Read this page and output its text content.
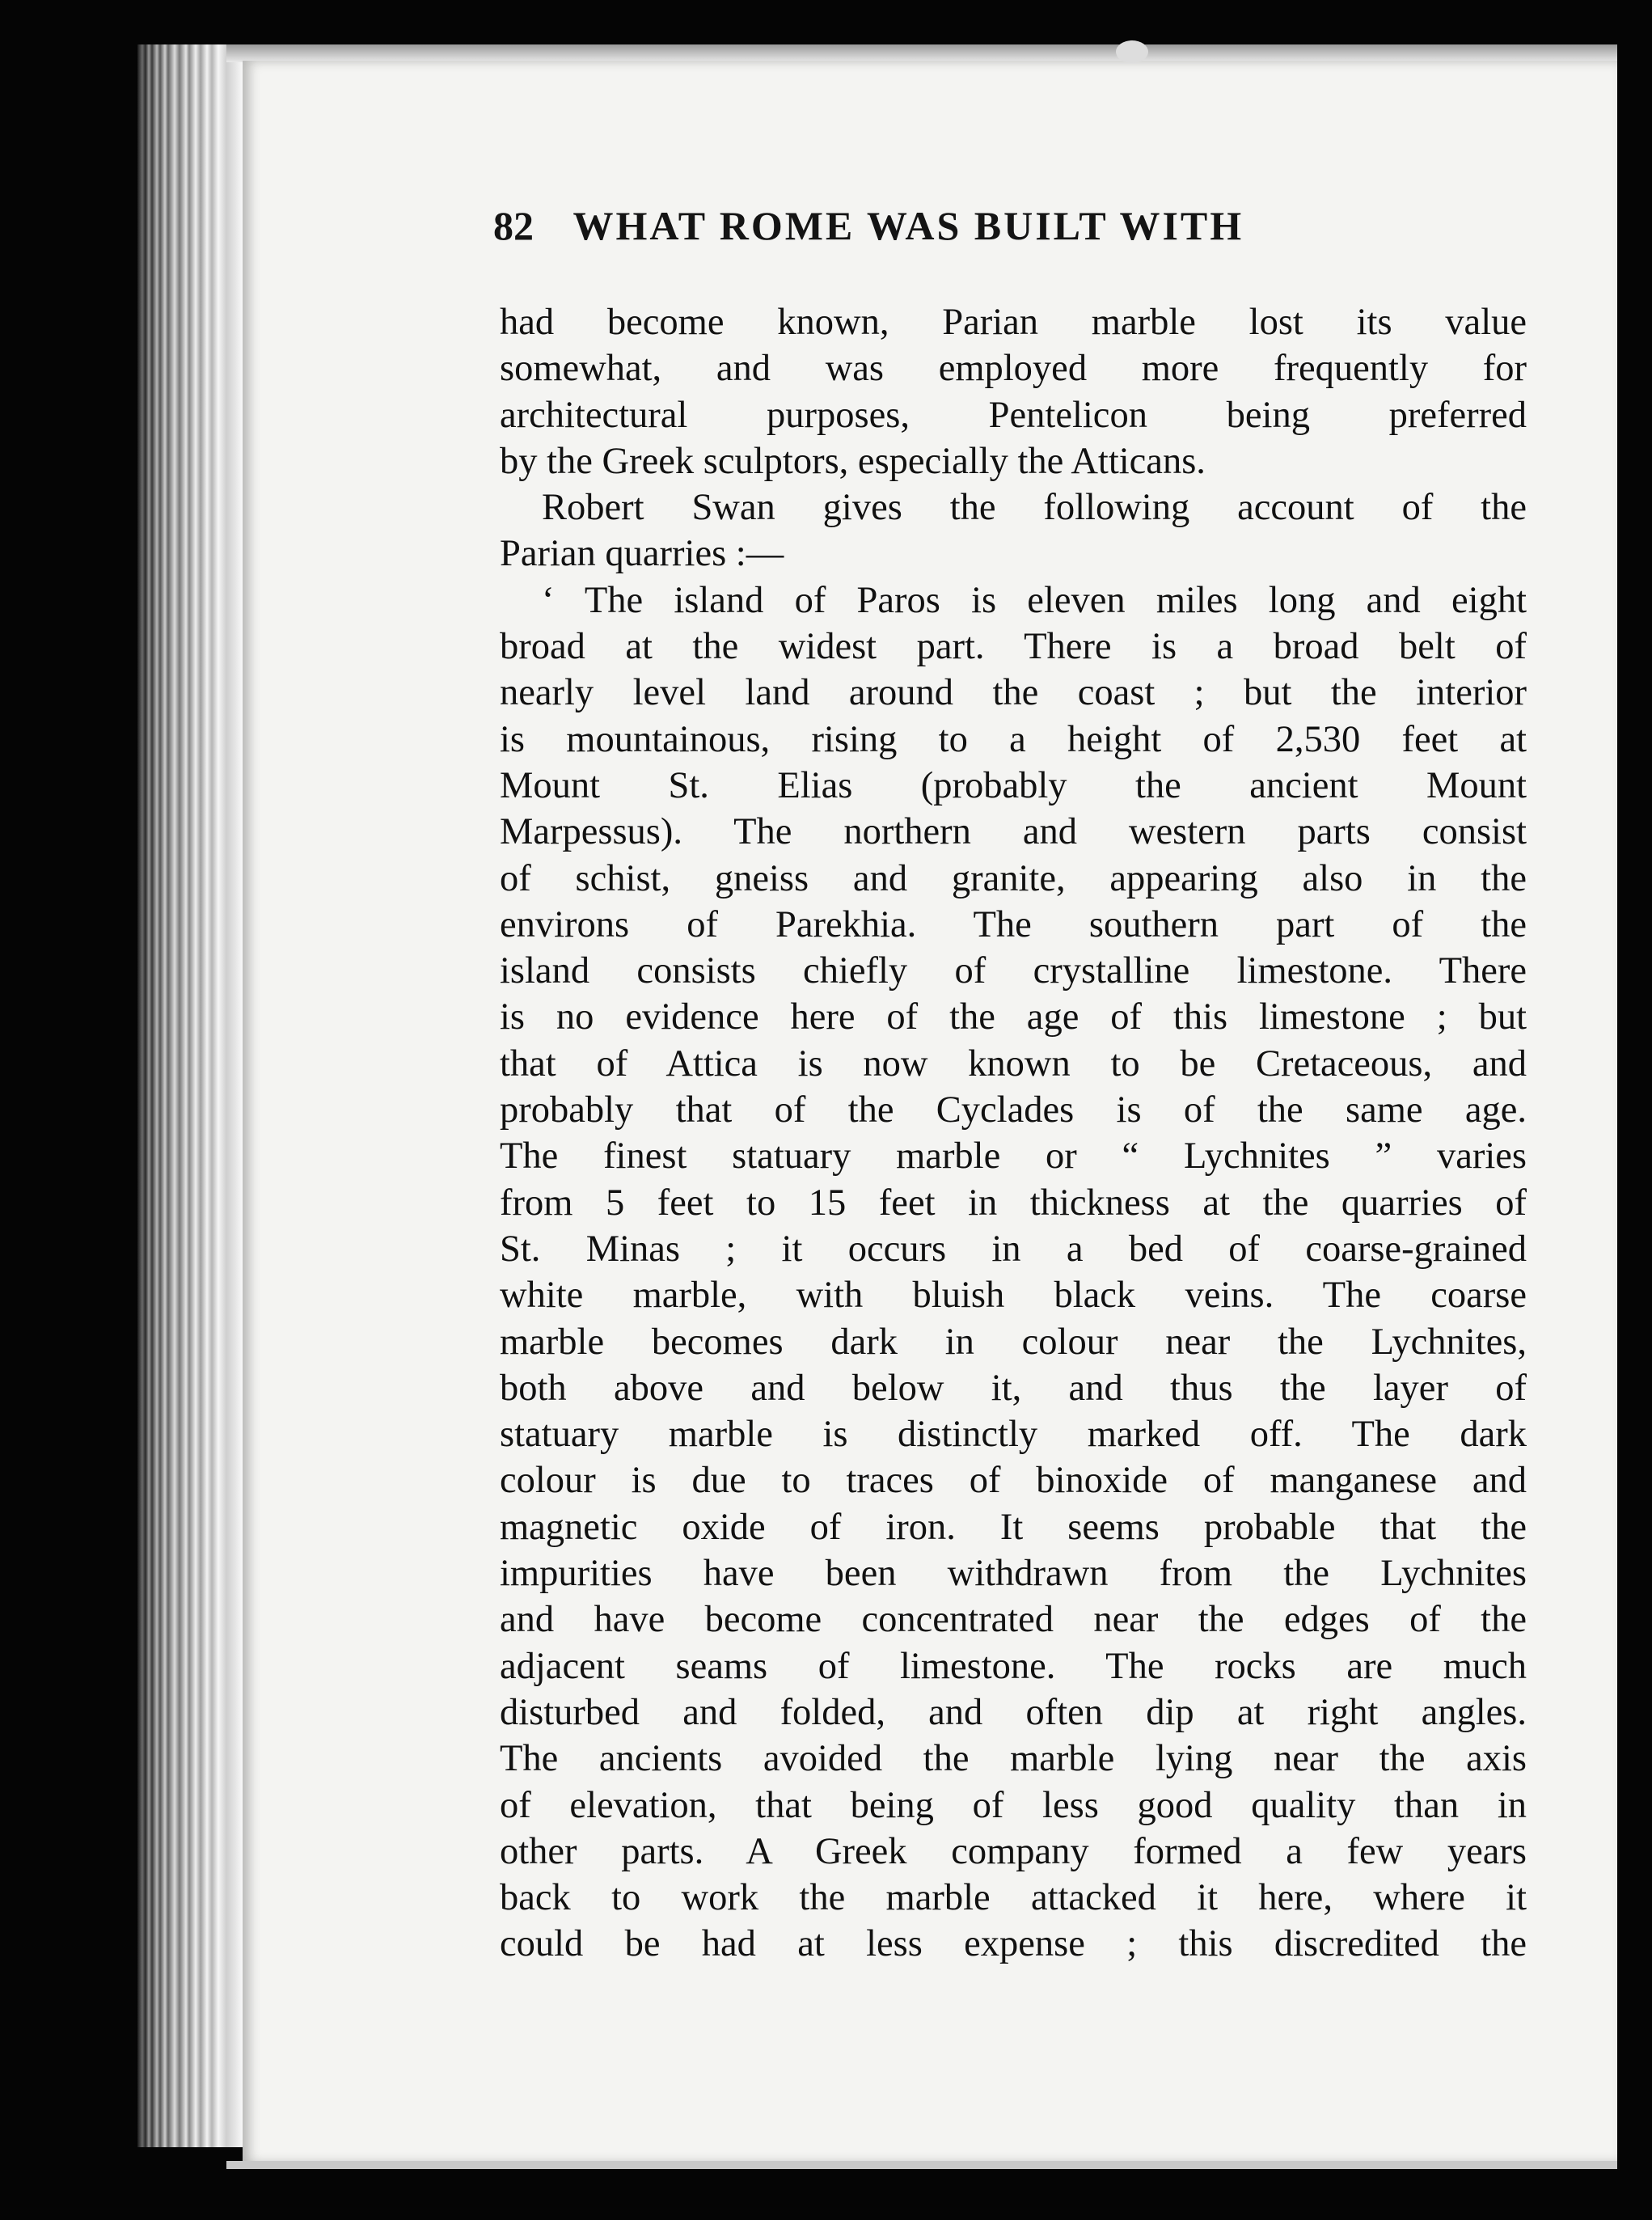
82 WHAT ROME WAS BUILT WITH
had become known, Parian marble lost its value
somewhat, and was employed more frequently for
architectural purposes, Pentelicon being preferred
by the Greek sculptors, especially the Atticans.
Robert Swan gives the following account of the
Parian quarries :—
‘ The island of Paros is eleven miles long and eight
broad at the widest part. There is a broad belt of
nearly level land around the coast ; but the interior
is mountainous, rising to a height of 2,530 feet at
Mount St. Elias (probably the ancient Mount
Marpessus). The northern and western parts consist
of schist, gneiss and granite, appearing also in the
environs of Parekhia. The southern part of the
island consists chiefly of crystalline limestone. There
is no evidence here of the age of this limestone ; but
that of Attica is now known to be Cretaceous, and
probably that of the Cyclades is of the same age.
The finest statuary marble or “ Lychnites ” varies
from 5 feet to 15 feet in thickness at the quarries of
St. Minas ; it occurs in a bed of coarse-grained
white marble, with bluish black veins. The coarse
marble becomes dark in colour near the Lychnites,
both above and below it, and thus the layer of
statuary marble is distinctly marked off. The dark
colour is due to traces of binoxide of manganese and
magnetic oxide of iron. It seems probable that the
impurities have been withdrawn from the Lychnites
and have become concentrated near the edges of the
adjacent seams of limestone. The rocks are much
disturbed and folded, and often dip at right angles.
The ancients avoided the marble lying near the axis
of elevation, that being of less good quality than in
other parts. A Greek company formed a few years
back to work the marble attacked it here, where it
could be had at less expense ; this discredited the
